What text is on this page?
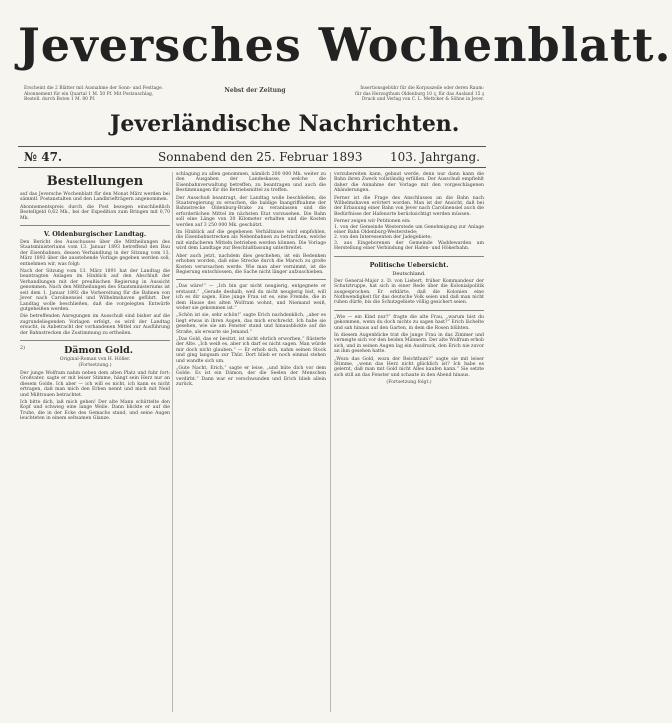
Jeversches Wochenblatt.
Erscheint die 2 Blätter mit Ausnahme der Sonn- und Festtage.
Abonnement für ein Quartal 1 M. 50 Pf. Mit Postzuschlag,
Bestell. durch Boten 1 M. 80 Pf.
Nebst der Zeitung	Insertionsgebühr für die Korpuszeile oder deren Raum:
für das Herzogthum Oldenburg 10 ₰, für das Ausland 15 ₰
Druck und Verlag von C. L. Mettcker & Söhne in Jever.
Jeverländische Nachrichten.
№ 47.	Sonnabend den 25. Februar 1893 103. Jahrgang.
Bestellungen

auf das Jeversche Wochenblatt für den Monat März werden bei sämmtl. Postanstalten und den Landbriefträgern angenommen.

Abonnementspreis durch die Post bezogen einschließlich Bestellgeld 0,62 Mk., bei der Expedition zum Bringen mit 0,70 Mk.

V. Oldenburgischer Landtag.

Den Bericht des Ausschusses über die Mittheilungen des Staatsministeriums vom 13. Januar 1893 betreffend den Bau der Eisenbahnen, dessen Verhandlung in der Sitzung vom 13. März 1893 über die ausstehende Vorlage gegeben werden soll, entnehmen wir, was folgt:

Nach der Sitzung vom 13. März 1891 hat der Landtag die beantragten Anlagen im Hinblick auf den Abschluß der Verhandlungen mit der preußischen Regierung in Aussicht genommen. Nach den Mittheilungen des Staatsministeriums ist seit dem 1. Januar 1892 die Vorbereitung für die Bahnen von Jever nach Carolinensiel und Wilhelmshaven geführt. Der Landtag wolle beschließen, daß die vorgelegten Entwürfe gutgeheißen werden.

Die betreffenden Anregungen im Ausschuß sind bisher auf die zugrundeliegenden Vorlagen erfolgt, es wird der Landtag ersucht, in Anbetracht der vorhandenen Mittel zur Ausführung der Bahnstrecken die Zustimmung zu ertheilen.

2)	Dämon Gold.
Original-Roman von H. Höller.
(Fortsetzung.)

Der junge Wolfram nahm neben dem alten Platz und fuhr fort: Großvater, sagte er mit leiser Stimme, hängt sein Herz nur an diesem Golde. Ich aber — ich will es nicht, ich kann es nicht ertragen, daß man mich den Erben nennt und mich mit Neid und Mißtrauen betrachtet.

Ich bitte dich, laß mich gehen! Der alte Mann schüttelte den Kopf und schwieg eine lange Weile. Dann blickte er auf die Truhe, die in der Ecke des Gemachs stand, und seine Augen leuchteten in einem seltsamen Glanze.

schlagung zu allen genommen, nämlich 200 000 Mk. weiter zu den Ausgaben der Landeskasse, welche die Eisenbahnverwaltung betreffen, zu beantragen und auch die Bestimmungen für die Betriebsmittel zu treffen.

Der Ausschuß beantragt, der Landtag wolle beschließen, die Staatsregierung zu ersuchen, die baldige Inangriffnahme der Bahnstrecke Oldenburg-Brake zu veranlassen und die erforderlichen Mittel im nächsten Etat vorzusehen. Die Bahn soll eine Länge von 30 Kilometer erhalten und die Kosten werden auf 3 250 000 Mk. geschätzt.

Im Hinblick auf die gegebenen Verhältnisse wird empfohlen, die Eisenbahnstrecken als Nebenbahnen zu betrachten, welche mit einfacheren Mitteln betrieben werden können. Die Vorlage wird dem Landtage zur Beschlußfassung unterbreitet.

Aber auch jetzt, nachdem dies geschehen, ist ein Bedenken erhoben worden, daß eine Strecke durch die Marsch zu große Kosten verursachen werde. Wie man aber vernimmt, ist die Regierung entschlossen, die Sache nicht länger aufzuschieben.

„Das wäre!“ — „Ich bin gar nicht neugierig, entgegnete er erstaunt.“ „Gerade deshalb, weil du nicht neugierig bist, will ich es dir sagen. Eine junge Frau ist es, eine Fremde, die in dem Hause des alten Wolfram wohnt, und Niemand weiß, woher sie gekommen ist.“

„Schön ist sie, sehr schön!“ sagte Erich nachdenklich, „aber es liegt etwas in ihren Augen, das mich erschreckt. Ich habe sie gesehen, wie sie am Fenster stand und hinausblickte auf die Straße, als erwarte sie Jemand.“

„Das Gold, das er besitzt, ist nicht ehrlich erworben,“ flüsterte der Alte. „Ich weiß es, aber ich darf es nicht sagen. Man würde mir doch nicht glauben.“ — Er erhob sich, nahm seinen Stock und ging langsam zur Thür. Dort blieb er noch einmal stehen und wandte sich um.

„Gute Nacht, Erich,“ sagte er leise, „und hüte dich vor dem Golde. Es ist ein Dämon, der die Seelen der Menschen verdirbt.“ Dann war er verschwunden und Erich blieb allein zurück.

vorzubereiten kann, gebaut werde, denn nur dann kann die Bahn ihren Zweck vollständig erfüllen. Der Ausschuß empfiehlt daher die Annahme der Vorlage mit den vorgeschlagenen Abänderungen.

Ferner ist die Frage des Anschlusses an die Bahn nach Wilhelmshaven erörtert worden. Man ist der Ansicht, daß bei der Erbauung einer Bahn von Jever nach Carolinensiel auch die Bedürfnisse der Hafenorte berücksichtigt werden müssen.

Ferner zeigen wir Petitionen ein:
1. von der Gemeinde Westerstede um Genehmigung zur Anlage einer Bahn Oldenburg-Westerstede;
2. von den Interessenten der Jadegebiete;
3. aus Eingeborenen der Gemeinde Waddewarden um Herstellung einer Verbindung der Hafen- und Hökerbahn.

Politische Uebersicht.
Deutschland.

Der General-Major z. D. von Liebert, früher Kommandeur der Schutztruppe, hat sich in einer Rede über die Kolonialpolitik ausgesprochen. Er erklärte, daß die Kolonien eine Nothwendigkeit für das deutsche Volk seien und daß man nicht ruhen dürfe, bis die Schutzgebiete völlig gesichert seien.

„Wie — ein Kind nur?“ fragte die alte Frau, „warum bist du gekommen, wenn du doch nichts zu sagen hast?“ Erich lächelte und sah hinaus auf den Garten, in dem die Rosen blühten.

In diesem Augenblicke trat die junge Frau in das Zimmer und verneigte sich vor den beiden Männern. Der alte Wolfram erhob sich, und in seinen Augen lag ein Ausdruck, den Erich nie zuvor an ihm gesehen hatte.

„Wozu das Gold, wozu der Reichthum?“ sagte sie mit leiser Stimme, „wenn das Herz nicht glücklich ist? Ich habe es gelernt, daß man mit Gold nicht Alles kaufen kann.“ Sie setzte sich still an das Fenster und schaute in den Abend hinaus.

(Fortsetzung folgt.)
